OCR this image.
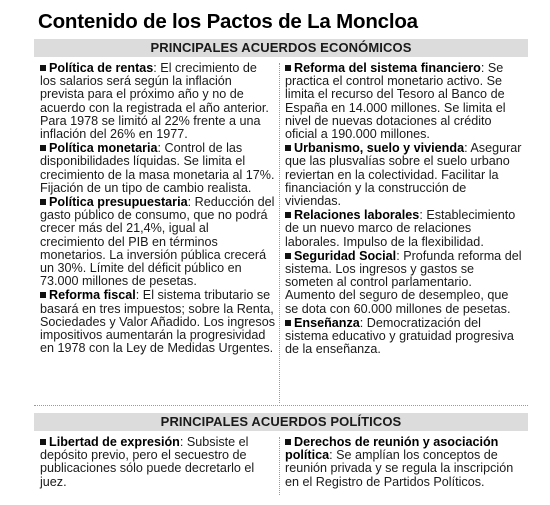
Contenido de los Pactos de La Moncloa
PRINCIPALES ACUERDOS ECONÓMICOS
Política de rentas: El crecimiento de los salarios será según la inflación prevista para el próximo año y no de acuerdo con la registrada el año anterior. Para 1978 se limitó al 22% frente a una inflación del 26% en 1977.
Política monetaria: Control de las disponibilidades líquidas. Se limita el crecimiento de la masa monetaria al 17%. Fijación de un tipo de cambio realista.
Política presupuestaria: Reducción del gasto público de consumo, que no podrá crecer más del 21,4%, igual al crecimiento del PIB en términos monetarios. La inversión pública crecerá un 30%. Límite del déficit público en 73.000 millones de pesetas.
Reforma fiscal: El sistema tributario se basará en tres impuestos; sobre la Renta, Sociedades y Valor Añadido. Los ingresos impositivos aumentarán la progresividad en 1978 con la Ley de Medidas Urgentes.
Reforma del sistema financiero: Se practica el control monetario activo. Se limita el recurso del Tesoro al Banco de España en 14.000 millones. Se limita el nivel de nuevas dotaciones al crédito oficial a 190.000 millones.
Urbanismo, suelo y vivienda: Asegurar que las plusvalías sobre el suelo urbano reviertan en la colectividad. Facilitar la financiación y la construcción de viviendas.
Relaciones laborales: Establecimiento de un nuevo marco de relaciones laborales. Impulso de la flexibilidad.
Seguridad Social: Profunda reforma del sistema. Los ingresos y gastos se someten al control parlamentario. Aumento del seguro de desempleo, que se dota con 60.000 millones de pesetas.
Enseñanza: Democratización del sistema educativo y gratuidad progresiva de la enseñanza.
PRINCIPALES ACUERDOS POLÍTICOS
Libertad de expresión: Subsiste el depósito previo, pero el secuestro de publicaciones sólo puede decretarlo el juez.
Derechos de reunión y asociación política: Se amplían los conceptos de reunión privada y se regula la inscripción en el Registro de Partidos Políticos.
